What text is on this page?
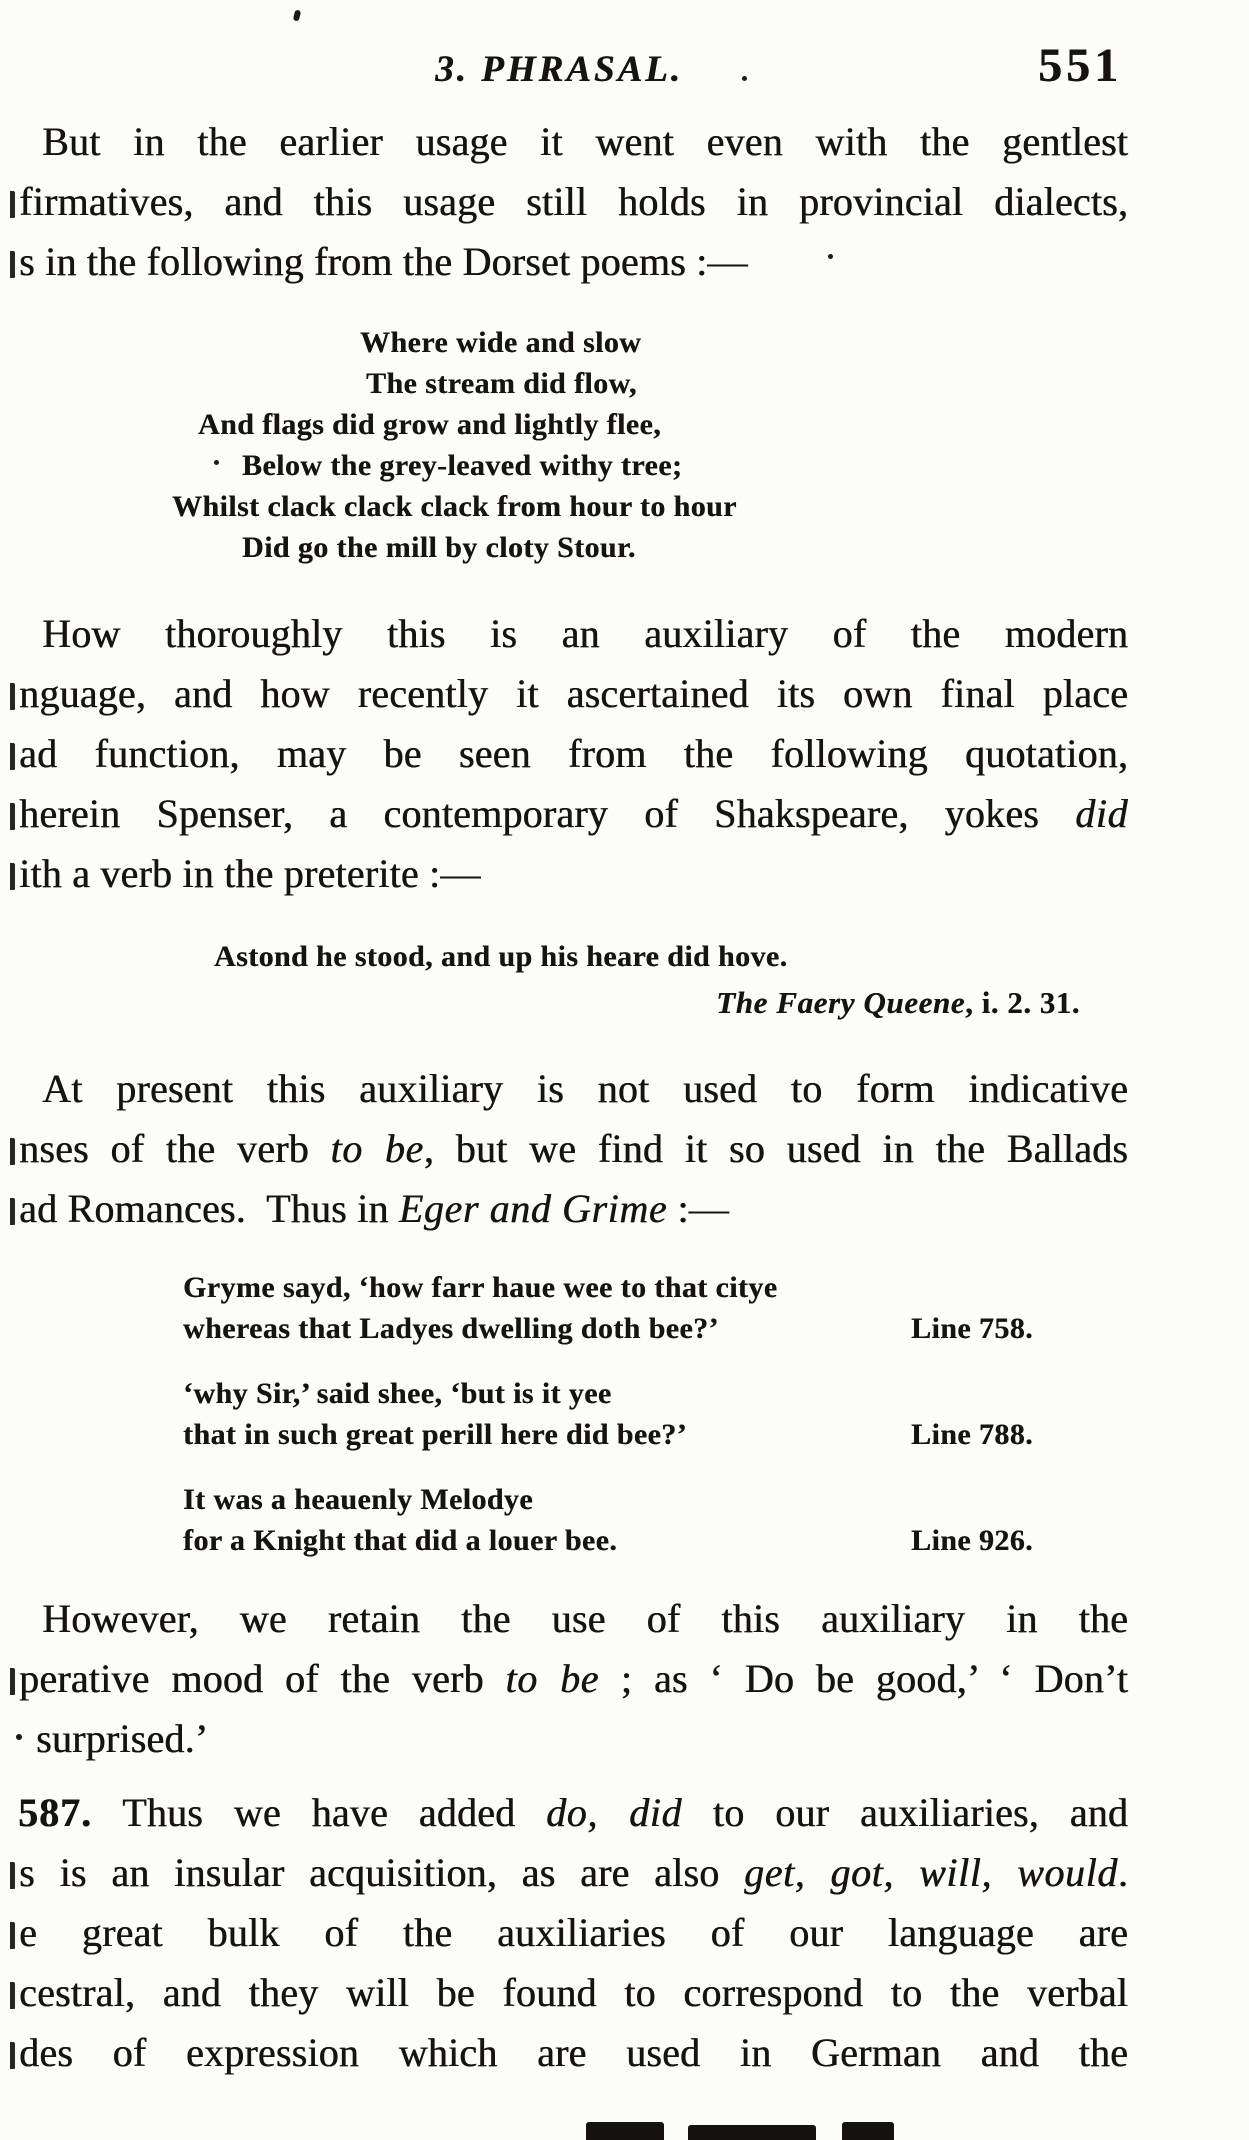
3. PHRASAL.	551
But in the earlier usage it went even with the gentlest
firmatives, and this usage still holds in provincial dialects,
s in the following from the Dorset poems :—
Where wide and slow
The stream did flow,
And flags did grow and lightly flee,
Below the grey-leaved withy tree;
Whilst clack clack clack from hour to hour
Did go the mill by cloty Stour.
How thoroughly this is an auxiliary of the modern
nguage, and how recently it ascertained its own final place
ad function, may be seen from the following quotation,
herein Spenser, a contemporary of Shakspeare, yokes did
ith a verb in the preterite :—
Astond he stood, and up his heare did hove.
The Faery Queene, i. 2. 31.
At present this auxiliary is not used to form indicative
nses of the verb to be, but we find it so used in the Ballads
ad Romances. Thus in Eger and Grime :—
Gryme sayd, ‘how farr haue wee to that citye
whereas that Ladyes dwelling doth bee?’	Line 758.
‘why Sir,’ said shee, ‘but is it yee
that in such great perill here did bee?’	Line 788.
It was a heauenly Melodye
for a Knight that did a louer bee.	Line 926.
However, we retain the use of this auxiliary in the
perative mood of the verb to be ; as ‘ Do be good,’ ‘ Don’t
surprised.’
587. Thus we have added do, did to our auxiliaries, and
s is an insular acquisition, as are also get, got, will, would.
e great bulk of the auxiliaries of our language are
cestral, and they will be found to correspond to the verbal
des of expression which are used in German and the
